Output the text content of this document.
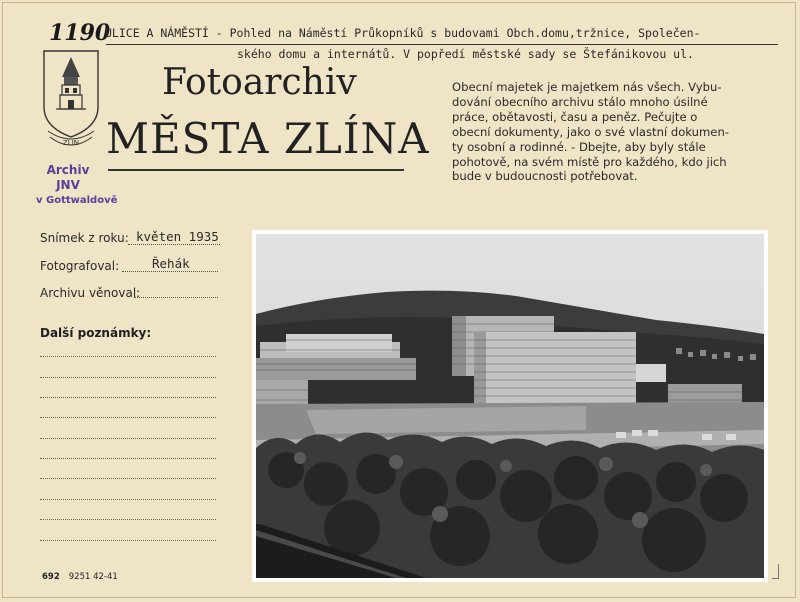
1190
ULICE A NÁMĚSTÍ - Pohled na Náměstí Průkopníků s budovami Obch.domu,tržnice, Společen-
ského domu a internátů. V popředí městské sady se Štefánikovou ul.
ZLÍN
Archiv
JNV
v Gottwaldově
Fotoarchiv
MĚSTA ZLÍNA
Obecní majetek je majetkem nás všech. Vybu-
dování obecního archivu stálo mnoho úsilné
práce, obětavosti, času a peněz. Pečujte o
obecní dokumenty, jako o své vlastní dokumen-
ty osobní a rodinné. - Dbejte, aby byly stále
pohotově, na svém místě pro každého, kdo jich
bude v budoucnosti potřebovat.
Snímek z roku: květen 1935
Fotografoval:	Řehák
Archivu věnoval:
Další poznámky:
692 9251 42-41
